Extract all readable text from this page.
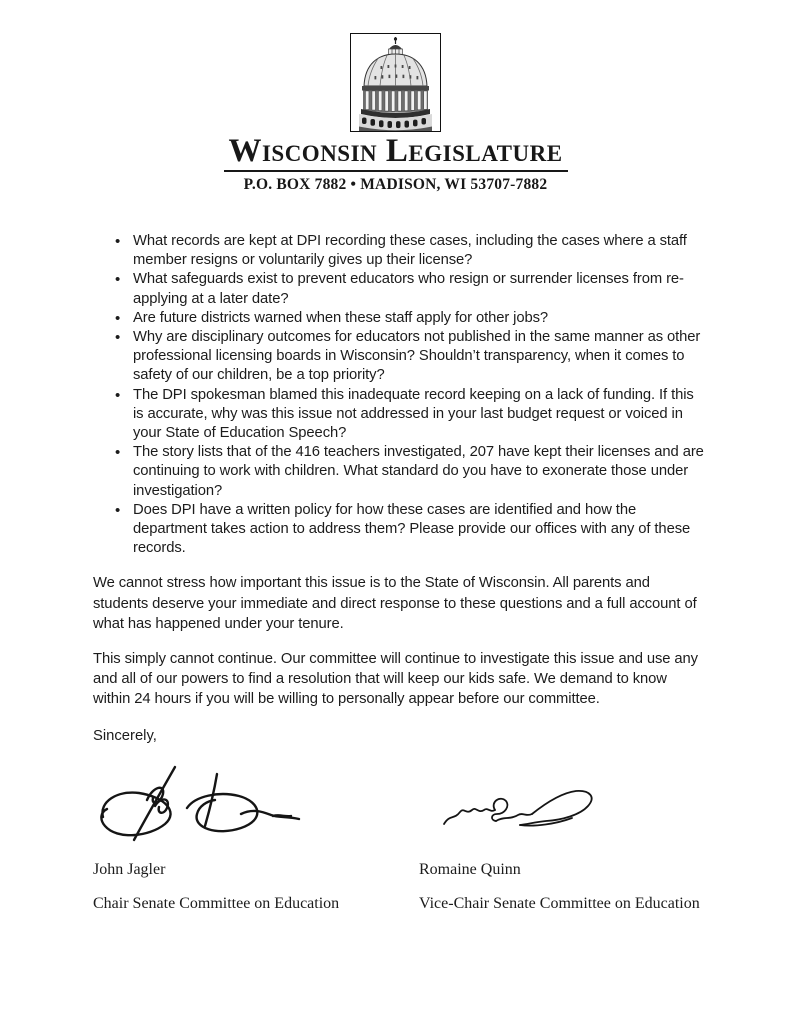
Wisconsin Legislature
P.O. BOX 7882 • MADISON, WI 53707-7882
• What records are kept at DPI recording these cases, including the cases where a staff member resigns or voluntarily gives up their license?
• What safeguards exist to prevent educators who resign or surrender licenses from re-applying at a later date?
• Are future districts warned when these staff apply for other jobs?
• Why are disciplinary outcomes for educators not published in the same manner as other professional licensing boards in Wisconsin? Shouldn’t transparency, when it comes to safety of our children, be a top priority?
• The DPI spokesman blamed this inadequate record keeping on a lack of funding. If this is accurate, why was this issue not addressed in your last budget request or voiced in your State of Education Speech?
• The story lists that of the 416 teachers investigated, 207 have kept their licenses and are continuing to work with children. What standard do you have to exonerate those under investigation?
• Does DPI have a written policy for how these cases are identified and how the department takes action to address them? Please provide our offices with any of these records.

We cannot stress how important this issue is to the State of Wisconsin. All parents and students deserve your immediate and direct response to these questions and a full account of what has happened under your tenure.

This simply cannot continue. Our committee will continue to investigate this issue and use any and all of our powers to find a resolution that will keep our kids safe. We demand to know within 24 hours if you will be willing to personally appear before our committee.

Sincerely,

John Jagler	Romaine Quinn
Chair Senate Committee on Education	Vice-Chair Senate Committee on Education
